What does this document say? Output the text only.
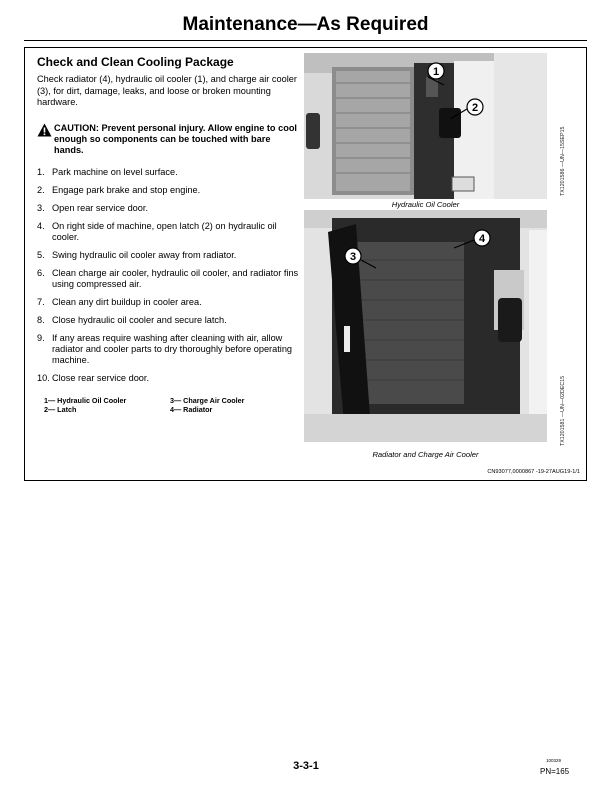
Maintenance—As Required
Check and Clean Cooling Package
Check radiator (4), hydraulic oil cooler (1), and charge air cooler (3), for dirt, damage, leaks, and loose or broken mounting hardware.
CAUTION: Prevent personal injury. Allow engine to cool enough so components can be touched with bare hands.
1. Park machine on level surface.
2. Engage park brake and stop engine.
3. Open rear service door.
4. On right side of machine, open latch (2) on hydraulic oil cooler.
5. Swing hydraulic oil cooler away from radiator.
6. Clean charge air cooler, hydraulic oil cooler, and radiator fins using compressed air.
7. Clean any dirt buildup in cooler area.
8. Close hydraulic oil cooler and secure latch.
9. If any areas require washing after cleaning with air, allow radiator and cooler parts to dry thoroughly before operating machine.
10. Close rear service door.
1— Hydraulic Oil Cooler	3— Charge Air Cooler
2— Latch	4— Radiator
1
2
TX1201586 —UN—15SEP15
Hydraulic Oil Cooler
4
3
TX1201581 —UN—02DEC15
Radiator and Charge Air Cooler
CN93077,0000867 -19-27AUG19-1/1
3-3-1	100329
PN=165
